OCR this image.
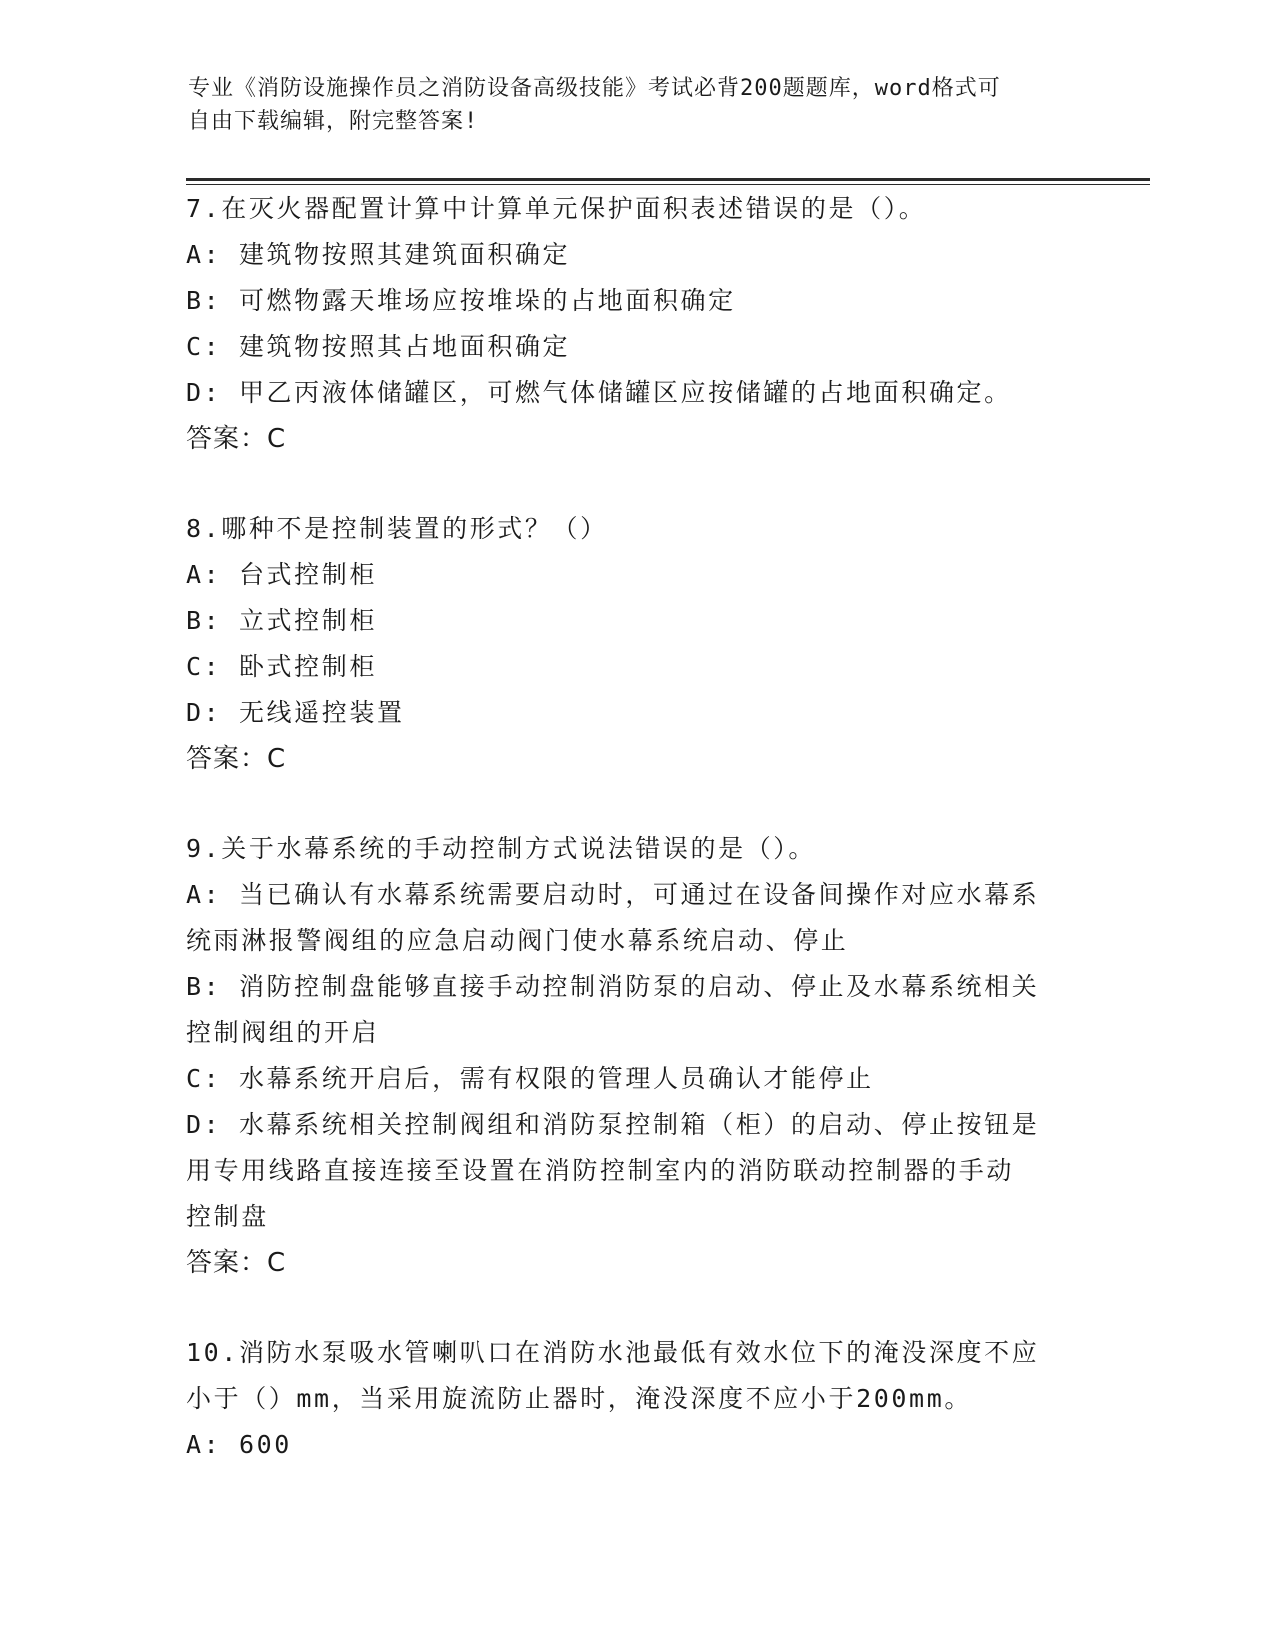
专业《消防设施操作员之消防设备高级技能》考试必背200题题库，word格式可
自由下载编辑，附完整答案!
7.在灭火器配置计算中计算单元保护面积表述错误的是（）。
A: 建筑物按照其建筑面积确定
B: 可燃物露天堆场应按堆垛的占地面积确定
C: 建筑物按照其占地面积确定
D: 甲乙丙液体储罐区，可燃气体储罐区应按储罐的占地面积确定。
答案：C
8.哪种不是控制装置的形式？（）
A: 台式控制柜
B: 立式控制柜
C: 卧式控制柜
D: 无线遥控装置
答案：C
9.关于水幕系统的手动控制方式说法错误的是（）。
A: 当已确认有水幕系统需要启动时，可通过在设备间操作对应水幕系
统雨淋报警阀组的应急启动阀门使水幕系统启动、停止
B: 消防控制盘能够直接手动控制消防泵的启动、停止及水幕系统相关
控制阀组的开启
C: 水幕系统开启后，需有权限的管理人员确认才能停止
D: 水幕系统相关控制阀组和消防泵控制箱（柜）的启动、停止按钮是
用专用线路直接连接至设置在消防控制室内的消防联动控制器的手动
控制盘
答案：C
10.消防水泵吸水管喇叭口在消防水池最低有效水位下的淹没深度不应
小于（）mm，当采用旋流防止器时，淹没深度不应小于200mm。
A: 600
